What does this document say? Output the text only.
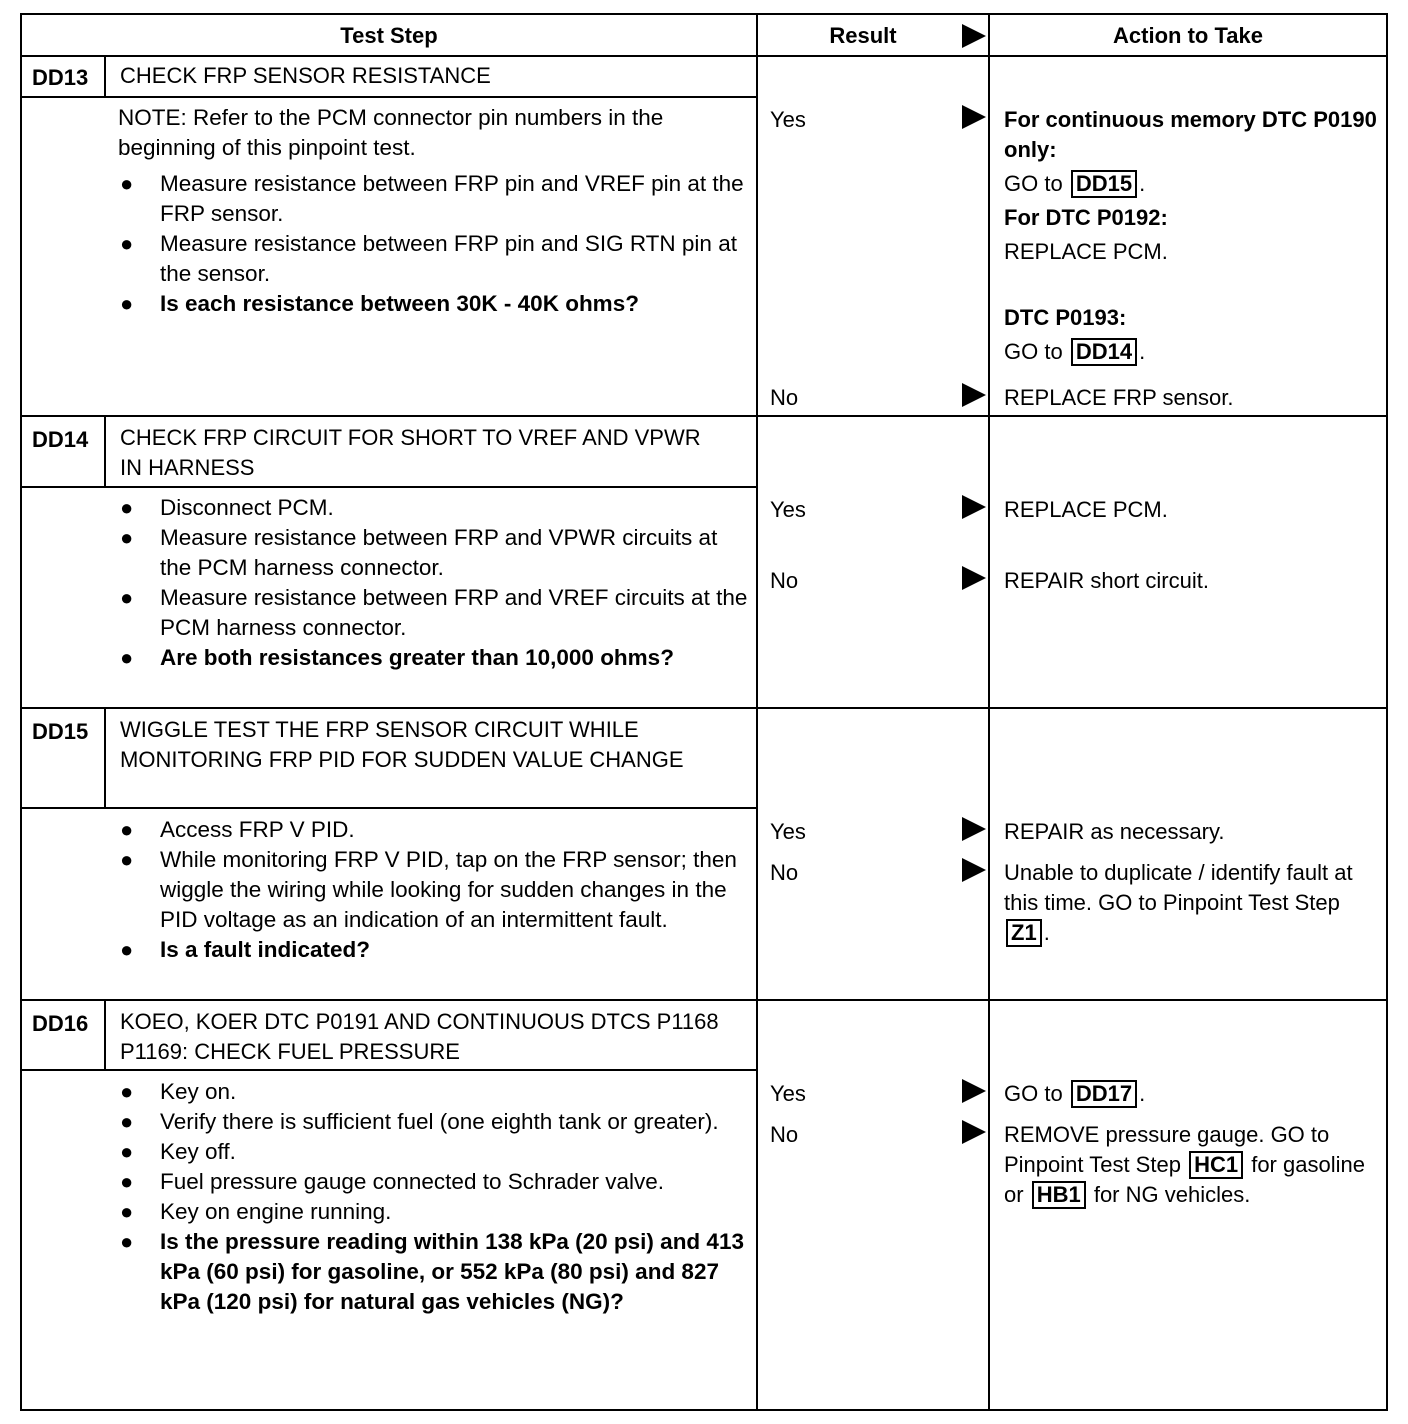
Test Step	Result	Action to Take
DD13 CHECK FRP SENSOR RESISTANCE

NOTE: Refer to the PCM connector pin numbers in the beginning of this pinpoint test.

● Measure resistance between FRP pin and VREF pin at the FRP sensor.
● Measure resistance between FRP pin and SIG RTN pin at the sensor.
● Is each resistance between 30K - 40K ohms?
Yes
No
For continuous memory DTC P0190 only:
GO to DD15 .
For DTC P0192:
REPLACE PCM.
DTC P0193:
GO to DD14 .
REPLACE FRP sensor.
DD14 CHECK FRP CIRCUIT FOR SHORT TO VREF AND VPWR IN HARNESS
● Disconnect PCM.
● Measure resistance between FRP and VPWR circuits at the PCM harness connector.
● Measure resistance between FRP and VREF circuits at the PCM harness connector.
● Are both resistances greater than 10,000 ohms?
Yes
No
REPLACE PCM.
REPAIR short circuit.
DD15 WIGGLE TEST THE FRP SENSOR CIRCUIT WHILE MONITORING FRP PID FOR SUDDEN VALUE CHANGE
● Access FRP V PID.
● While monitoring FRP V PID, tap on the FRP sensor; then wiggle the wiring while looking for sudden changes in the PID voltage as an indication of an intermittent fault.
● Is a fault indicated?
Yes
No
REPAIR as necessary.
Unable to duplicate / identify fault at this time. GO to Pinpoint Test Step Z1 .
DD16 KOEO, KOER DTC P0191 AND CONTINUOUS DTCS P1168 P1169: CHECK FUEL PRESSURE
● Key on.
● Verify there is sufficient fuel (one eighth tank or greater).
● Key off.
● Fuel pressure gauge connected to Schrader valve.
● Key on engine running.
● Is the pressure reading within 138 kPa (20 psi) and 413 kPa (60 psi) for gasoline, or 552 kPa (80 psi) and 827 kPa (120 psi) for natural gas vehicles (NG)?
Yes
No
GO to DD17 .
REMOVE pressure gauge. GO to Pinpoint Test Step HC1 for gasoline or HB1 for NG vehicles.
